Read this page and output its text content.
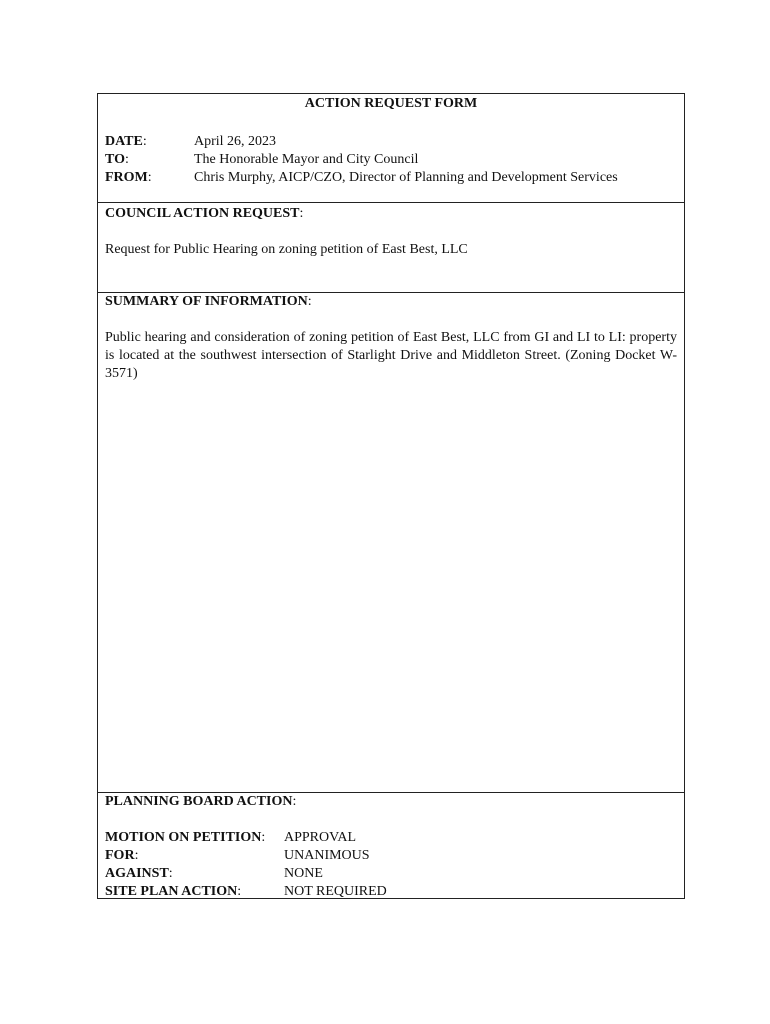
ACTION REQUEST FORM
DATE:	April 26, 2023
TO:	The Honorable Mayor and City Council
FROM:	Chris Murphy, AICP/CZO, Director of Planning and Development Services
COUNCIL ACTION REQUEST:
Request for Public Hearing on zoning petition of East Best, LLC
SUMMARY OF INFORMATION:
Public hearing and consideration of zoning petition of East Best, LLC from GI and LI to LI: property is located at the southwest intersection of Starlight Drive and Middleton Street. (Zoning Docket W-3571)
PLANNING BOARD ACTION:
MOTION ON PETITION:	APPROVAL
FOR:	UNANIMOUS
AGAINST:	NONE
SITE PLAN ACTION:	NOT REQUIRED
